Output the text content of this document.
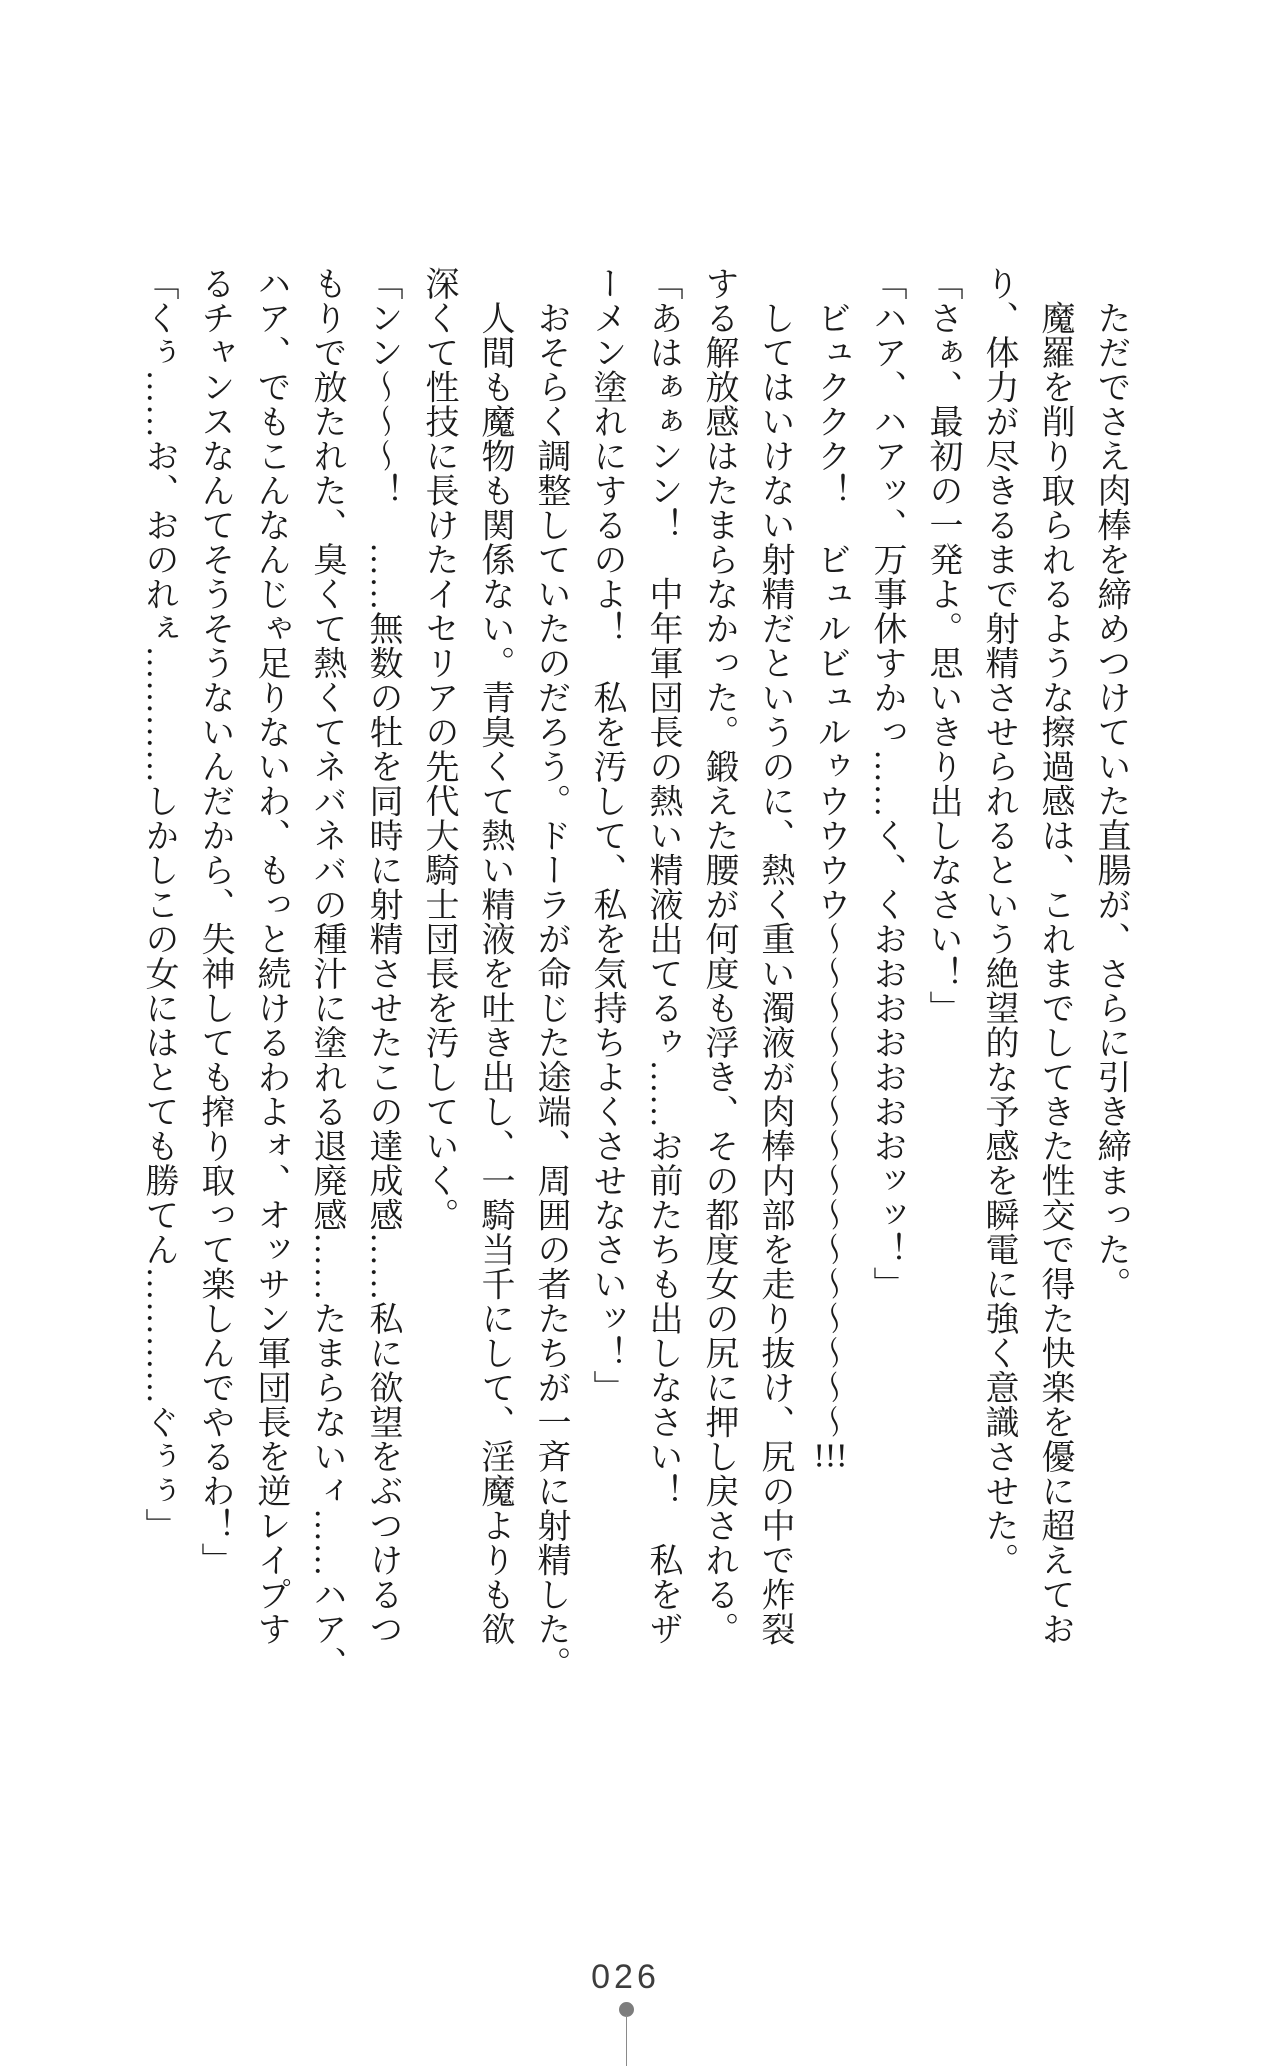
　ただでさえ肉棒を締めつけていた直腸が、さらに引き締まった。
　魔羅を削り取られるような擦過感は、これまでしてきた性交で得た快楽を優に超えてお
り、体力が尽きるまで射精させられるという絶望的な予感を瞬電に強く意識させた。
「さぁ、最初の一発よ。思いきり出しなさい！」
「ハア、ハアッ、万事休すかっ……く、くおおおおおおおッッ！」
　ビュククク！　ビュルビュルゥウウウウ～～～～～～～～～～～～～～～!!!
　してはいけない射精だというのに、熱く重い濁液が肉棒内部を走り抜け、尻の中で炸裂
する解放感はたまらなかった。鍛えた腰が何度も浮き、その都度女の尻に押し戻される。
「あはぁぁンン！　中年軍団長の熱い精液出てるゥ……お前たちも出しなさい！　私をザ
ーメン塗れにするのよ！　私を汚して、私を気持ちよくさせなさいッ！」
　おそらく調整していたのだろう。ドーラが命じた途端、周囲の者たちが一斉に射精した。
　人間も魔物も関係ない。青臭くて熱い精液を吐き出し、一騎当千にして、淫魔よりも欲
深くて性技に長けたイセリアの先代大騎士団長を汚していく。
「ンン～～～！　……無数の牡を同時に射精させたこの達成感……私に欲望をぶつけるつ
もりで放たれた、臭くて熱くてネバネバの種汁に塗れる退廃感……たまらないィ……ハア、
ハア、でもこんなんじゃ足りないわ、もっと続けるわよォ、オッサン軍団長を逆レイプす
るチャンスなんてそうそうないんだから、失神しても搾り取って楽しんでやるわ！」
「くぅ……お、おのれぇ…………しかしこの女にはとても勝てん…………ぐぅぅ」
026
